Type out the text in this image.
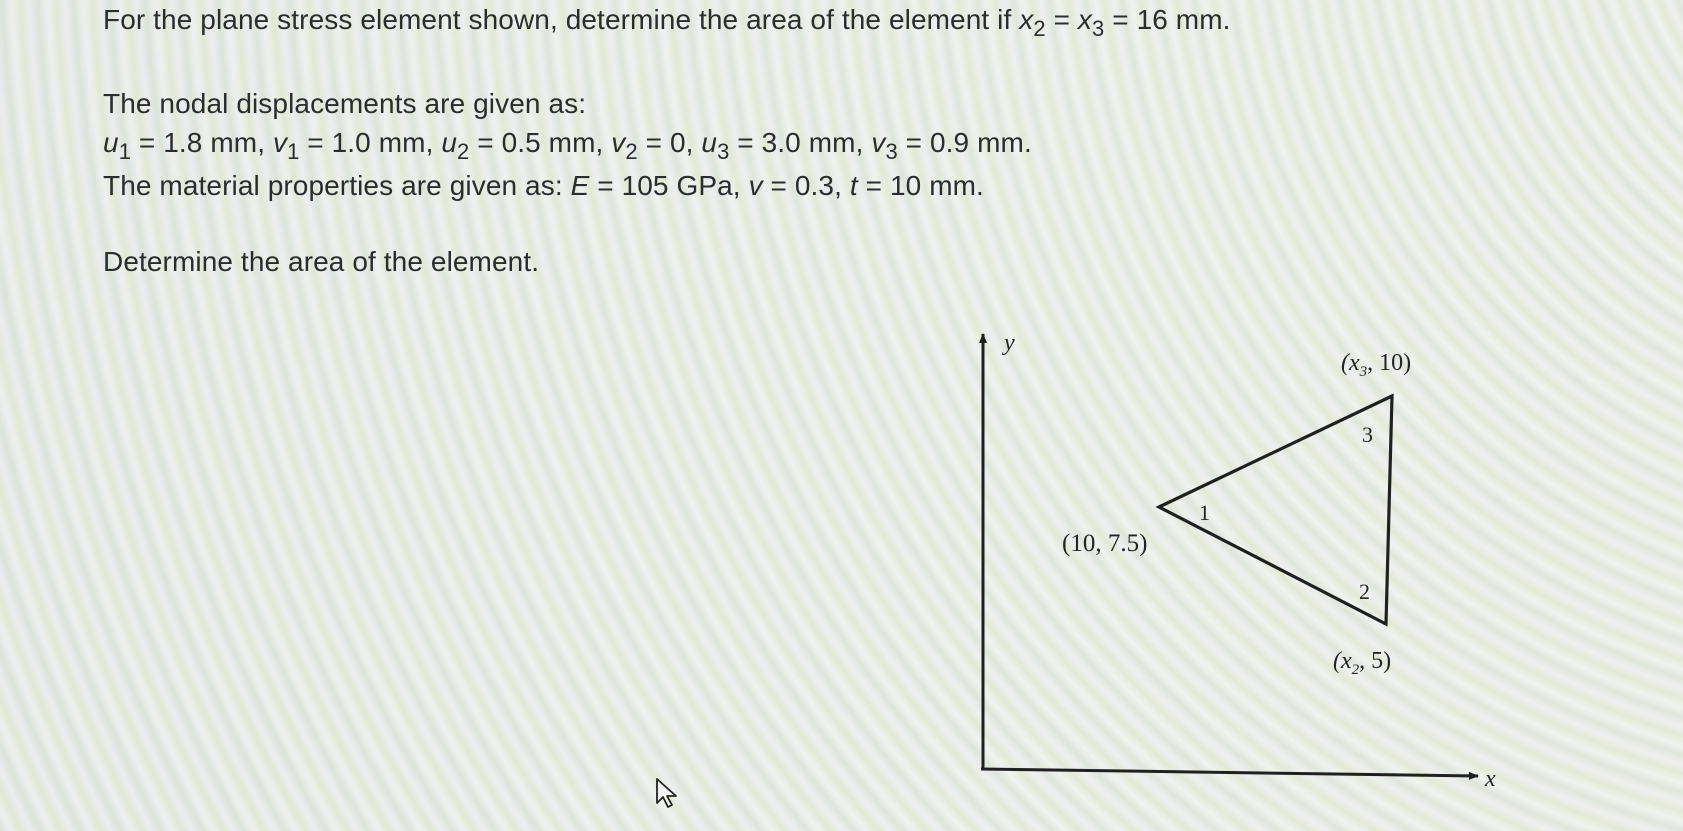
For the plane stress element shown, determine the area of the element if $x_2 = x_3 = 16$ mm.
The nodal displacements are given as:
$u_1 = 1.8$ mm, $v_1 = 1.0$ mm, $u_2 = 0.5$ mm, $v_2 = 0$, $u_3 = 3.0$ mm, $v_3 = 0.9$ mm.
The material properties are given as: E = 105 GPa, v = 0.3, t = 10 mm.
Determine the area of the element.
y
x
1
2
3
(10, 7.5)
($x_2$, 5)
($x_3$, 10)
